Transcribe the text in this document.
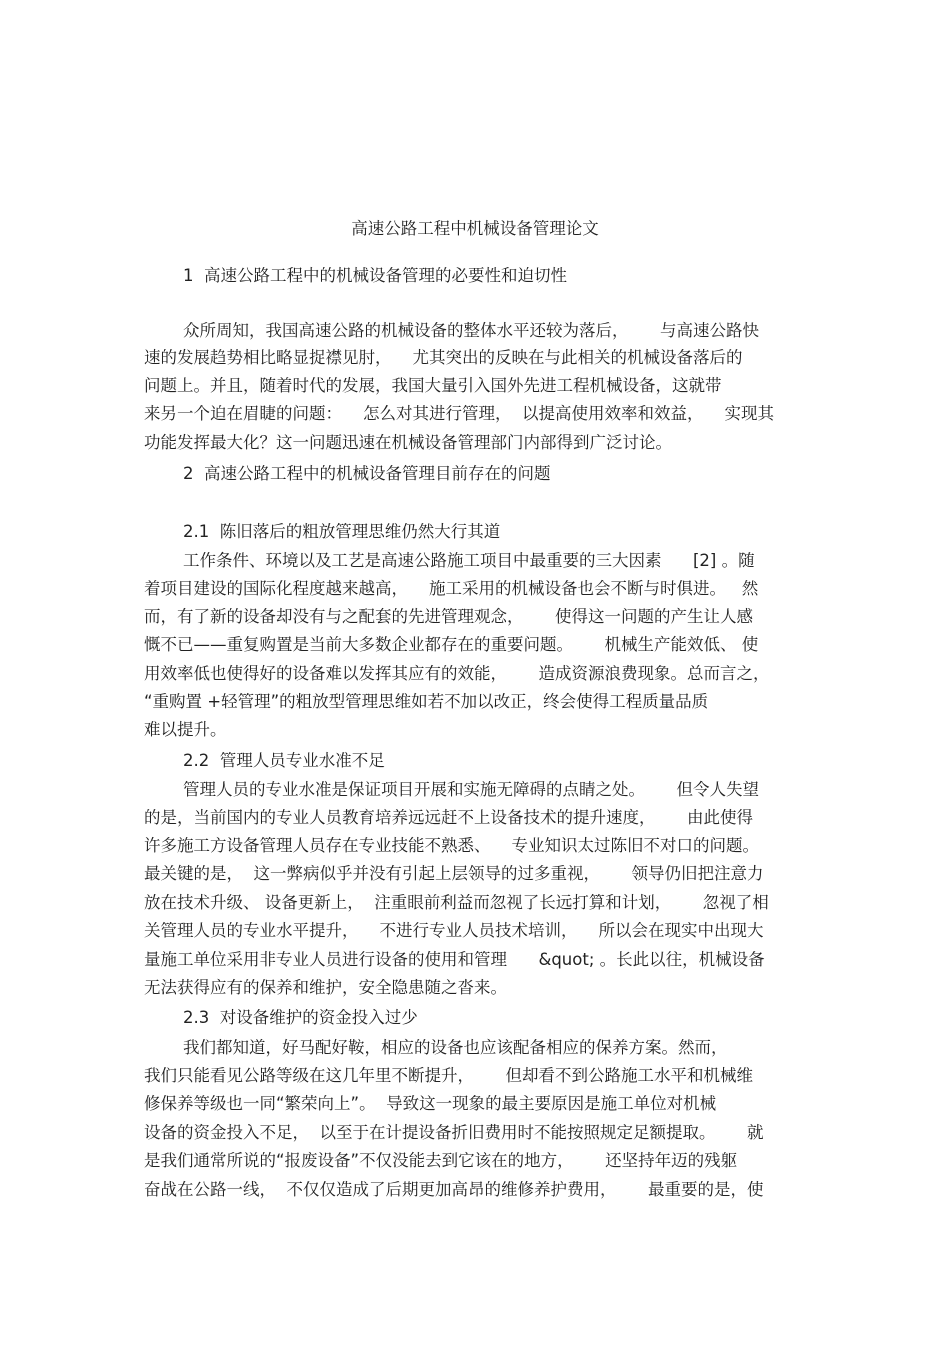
高速公路工程中机械设备管理论文

1  高速公路工程中的机械设备管理的必要性和迫切性

众所周知，我国高速公路的机械设备的整体水平还较为落后，      与高速公路快

速的发展趋势相比略显捉襟见肘，    尤其突出的反映在与此相关的机械设备落后的

问题上。并且，随着时代的发展，我国大量引入国外先进工程机械设备，这就带

来另一个迫在眉睫的问题：    怎么对其进行管理，  以提高使用效率和效益，    实现其

功能发挥最大化？这一问题迅速在机械设备管理部门内部得到广泛讨论。

2  高速公路工程中的机械设备管理目前存在的问题

2.1  陈旧落后的粗放管理思维仍然大行其道

工作条件、环境以及工艺是高速公路施工项目中最重要的三大因素      [2] 。随

着项目建设的国际化程度越来越高，    施工采用的机械设备也会不断与时俱进。   然

而，有了新的设备却没有与之配套的先进管理观念，      使得这一问题的产生让人感

慨不已——重复购置是当前大多数企业都存在的重要问题。      机械生产能效低、 使

用效率低也使得好的设备难以发挥其应有的效能，      造成资源浪费现象。总而言之，

“重购置 +轻管理”的粗放型管理思维如若不加以改正，终会使得工程质量品质

难以提升。

2.2  管理人员专业水准不足

管理人员的专业水准是保证项目开展和实施无障碍的点睛之处。      但令人失望

的是，当前国内的专业人员教育培养远远赶不上设备技术的提升速度，      由此使得

许多施工方设备管理人员存在专业技能不熟悉、    专业知识太过陈旧不对口的问题。

最关键的是，  这一弊病似乎并没有引起上层领导的过多重视，      领导仍旧把注意力

放在技术升级、 设备更新上，  注重眼前利益而忽视了长远打算和计划，      忽视了相

关管理人员的专业水平提升，    不进行专业人员技术培训，    所以会在现实中出现大

量施工单位采用非专业人员进行设备的使用和管理      &quot; 。长此以往，机械设备

无法获得应有的保养和维护，安全隐患随之沓来。

2.3  对设备维护的资金投入过少

我们都知道，好马配好鞍，相应的设备也应该配备相应的保养方案。然而，

我们只能看见公路等级在这几年里不断提升，      但却看不到公路施工水平和机械维

修保养等级也一同“繁荣向上”。  导致这一现象的最主要原因是施工单位对机械

设备的资金投入不足，  以至于在计提设备折旧费用时不能按照规定足额提取。      就

是我们通常所说的“报废设备”不仅没能去到它该在的地方，      还坚持年迈的残躯

奋战在公路一线，  不仅仅造成了后期更加高昂的维修养护费用，      最重要的是，使
